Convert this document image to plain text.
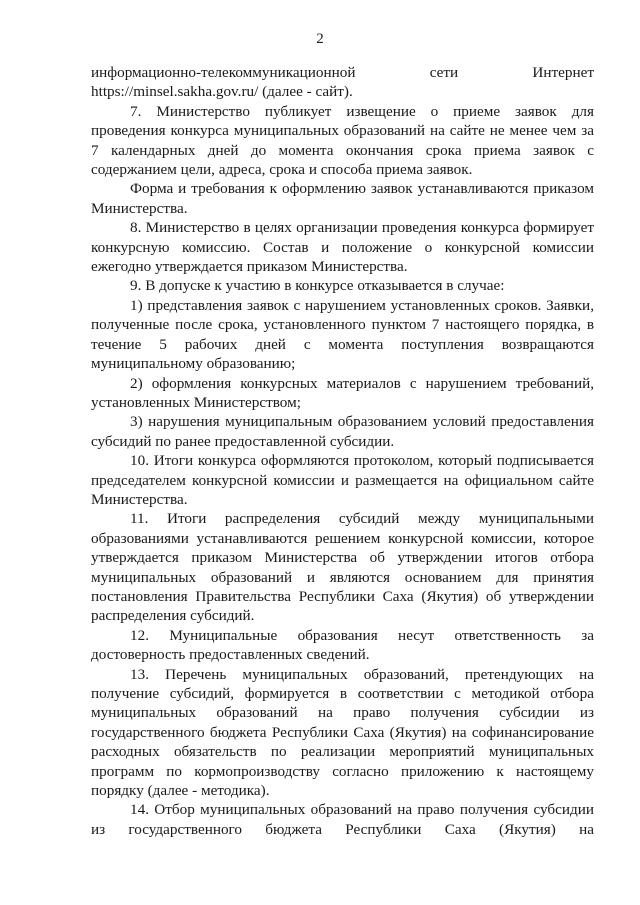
2

информационно-телекоммуникационной сети Интернет https://minsel.sakha.gov.ru/ (далее - сайт).

7. Министерство публикует извещение о приеме заявок для проведения конкурса муниципальных образований на сайте не менее чем за 7 календарных дней до момента окончания срока приема заявок с содержанием цели, адреса, срока и способа приема заявок.

Форма и требования к оформлению заявок устанавливаются приказом Министерства.

8. Министерство в целях организации проведения конкурса формирует конкурсную комиссию. Состав и положение о конкурсной комиссии ежегодно утверждается приказом Министерства.

9. В допуске к участию в конкурсе отказывается в случае:

1) представления заявок с нарушением установленных сроков. Заявки, полученные после срока, установленного пунктом 7 настоящего порядка, в течение 5 рабочих дней с момента поступления возвращаются муниципальному образованию;

2) оформления конкурсных материалов с нарушением требований, установленных Министерством;

3) нарушения муниципальным образованием условий предоставления субсидий по ранее предоставленной субсидии.

10. Итоги конкурса оформляются протоколом, который подписывается председателем конкурсной комиссии и размещается на официальном сайте Министерства.

11. Итоги распределения субсидий между муниципальными образованиями устанавливаются решением конкурсной комиссии, которое утверждается приказом Министерства об утверждении итогов отбора муниципальных образований и являются основанием для принятия постановления Правительства Республики Саха (Якутия) об утверждении распределения субсидий.

12. Муниципальные образования несут ответственность за достоверность предоставленных сведений.

13. Перечень муниципальных образований, претендующих на получение субсидий, формируется в соответствии с методикой отбора муниципальных образований на право получения субсидии из государственного бюджета Республики Саха (Якутия) на софинансирование расходных обязательств по реализации мероприятий муниципальных программ по кормопроизводству согласно приложению к настоящему порядку (далее - методика).

14. Отбор муниципальных образований на право получения субсидии из государственного бюджета Республики Саха (Якутия) на
